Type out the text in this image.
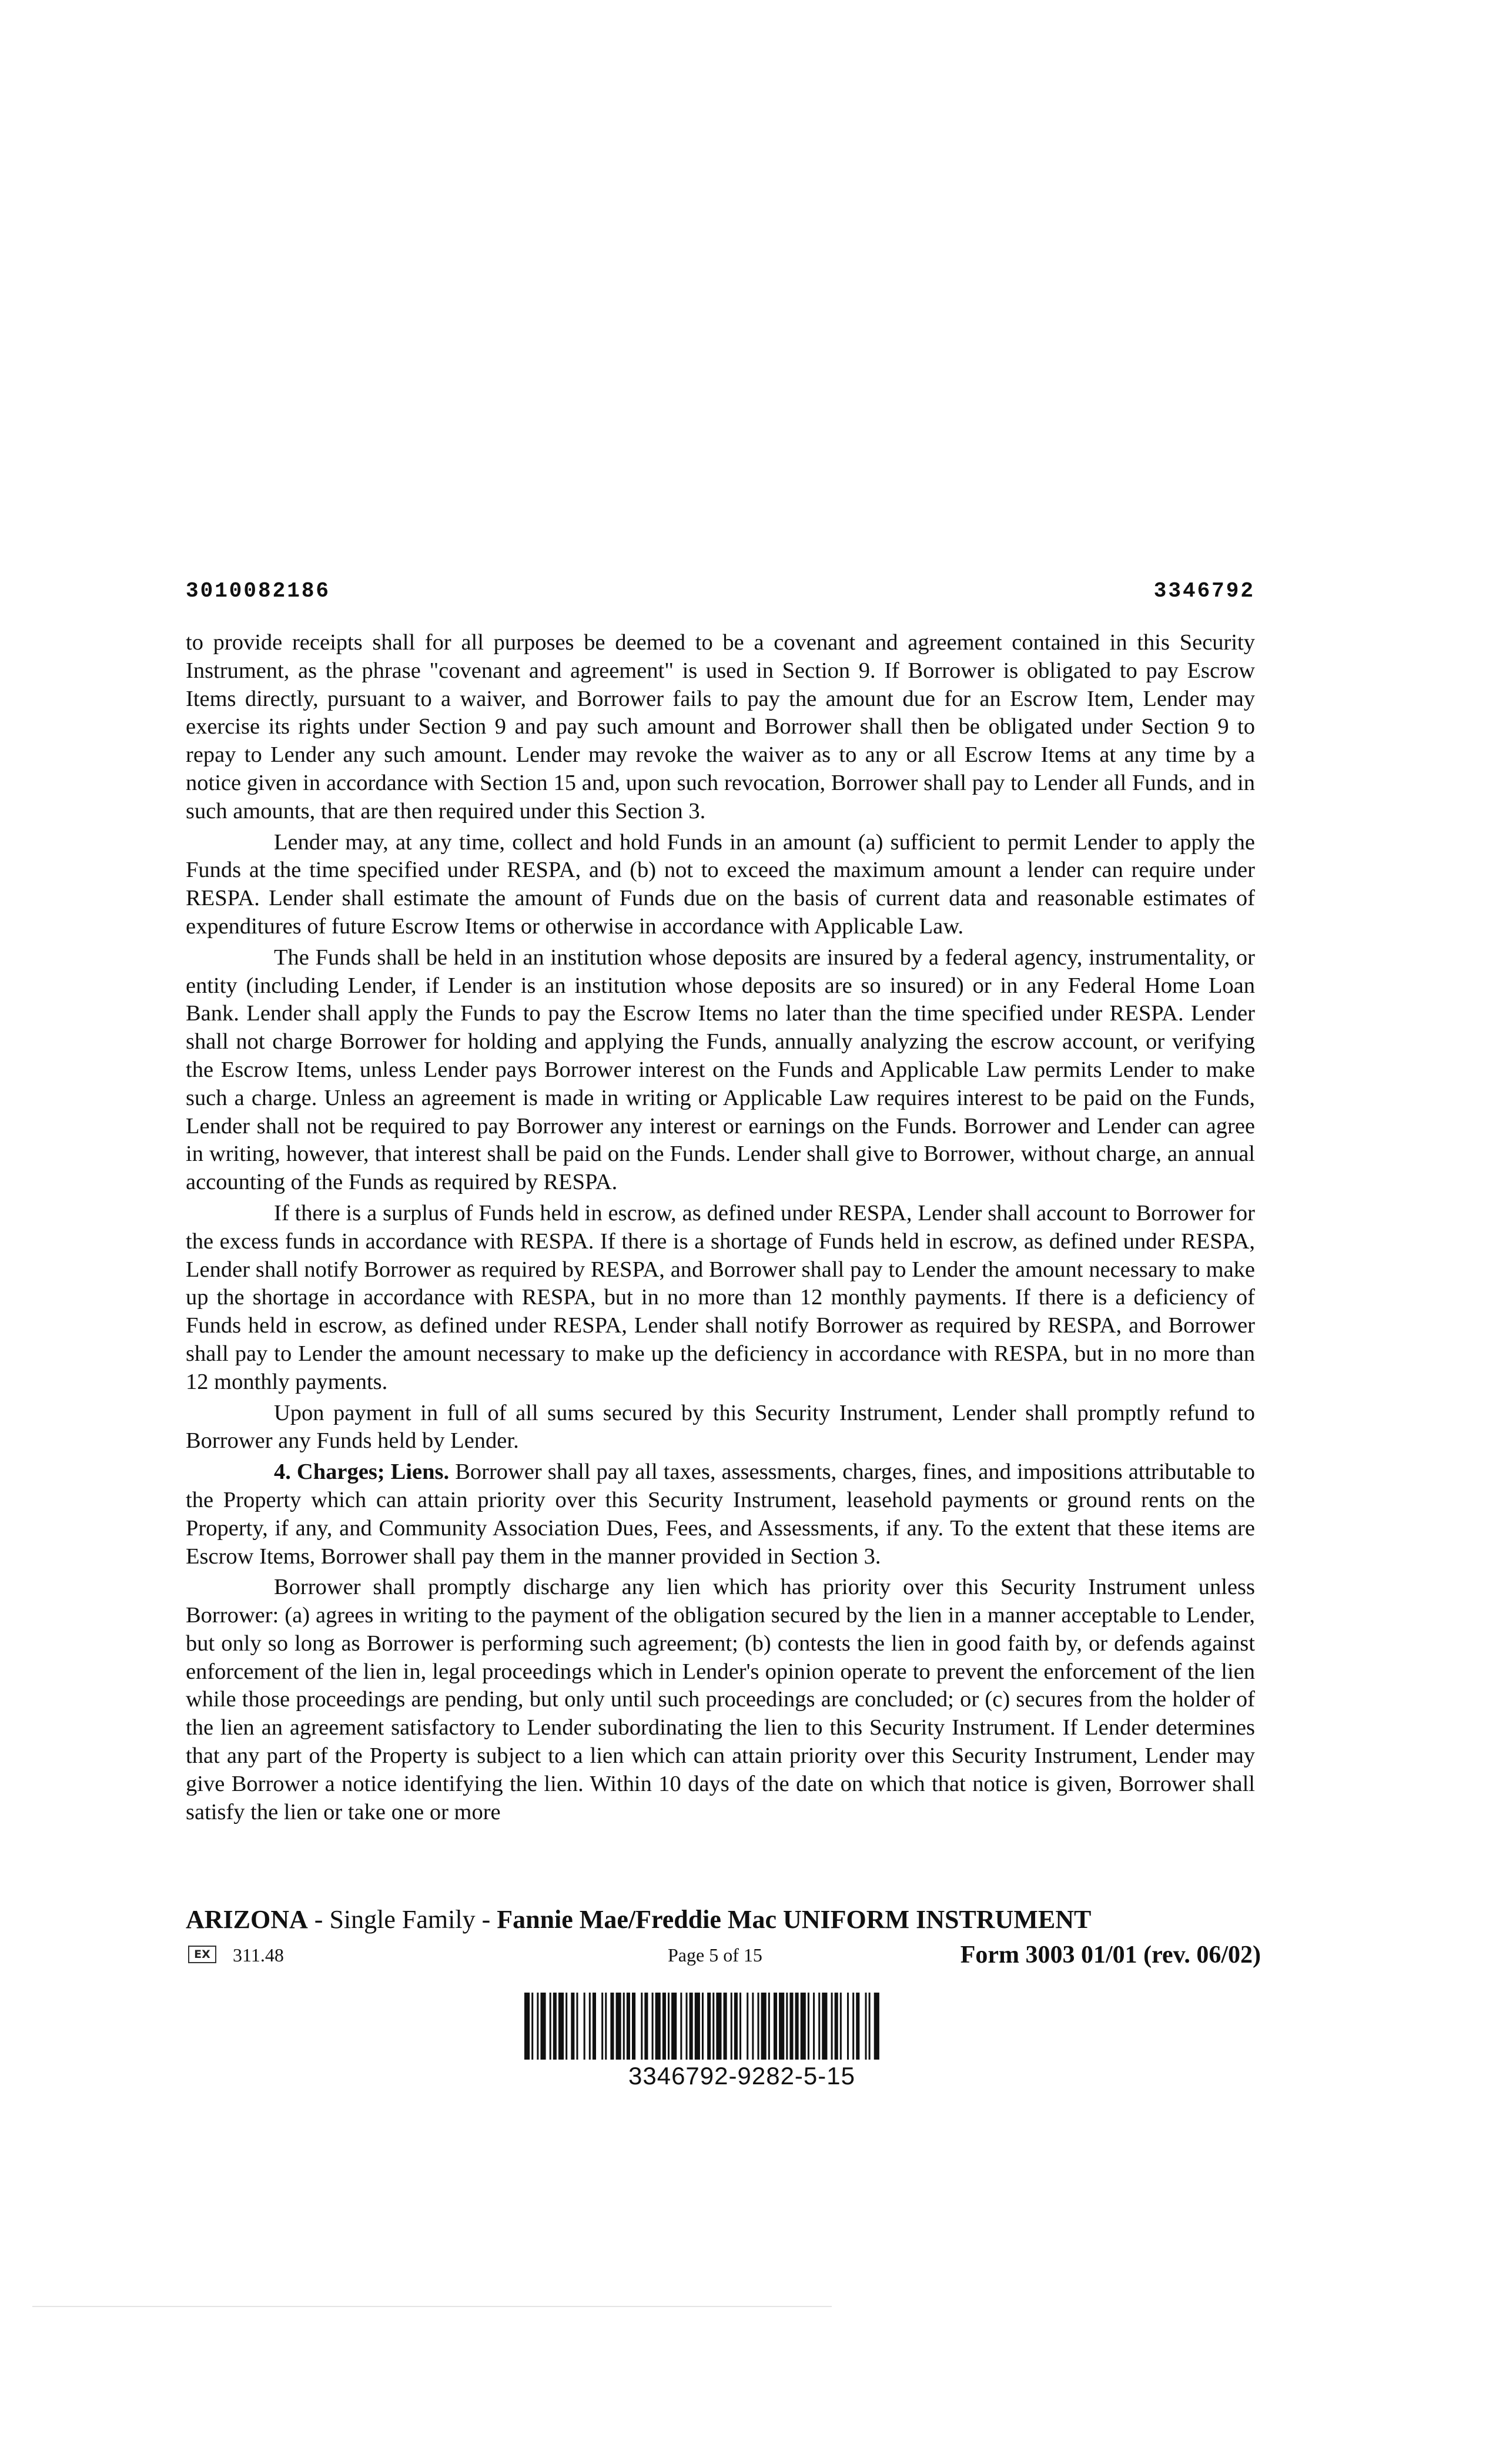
3010082186	3346792

to provide receipts shall for all purposes be deemed to be a covenant and agreement contained in this Security Instrument, as the phrase "covenant and agreement" is used in Section 9. If Borrower is obligated to pay Escrow Items directly, pursuant to a waiver, and Borrower fails to pay the amount due for an Escrow Item, Lender may exercise its rights under Section 9 and pay such amount and Borrower shall then be obligated under Section 9 to repay to Lender any such amount. Lender may revoke the waiver as to any or all Escrow Items at any time by a notice given in accordance with Section 15 and, upon such revocation, Borrower shall pay to Lender all Funds, and in such amounts, that are then required under this Section 3.

Lender may, at any time, collect and hold Funds in an amount (a) sufficient to permit Lender to apply the Funds at the time specified under RESPA, and (b) not to exceed the maximum amount a lender can require under RESPA. Lender shall estimate the amount of Funds due on the basis of current data and reasonable estimates of expenditures of future Escrow Items or otherwise in accordance with Applicable Law.

The Funds shall be held in an institution whose deposits are insured by a federal agency, instrumentality, or entity (including Lender, if Lender is an institution whose deposits are so insured) or in any Federal Home Loan Bank. Lender shall apply the Funds to pay the Escrow Items no later than the time specified under RESPA. Lender shall not charge Borrower for holding and applying the Funds, annually analyzing the escrow account, or verifying the Escrow Items, unless Lender pays Borrower interest on the Funds and Applicable Law permits Lender to make such a charge. Unless an agreement is made in writing or Applicable Law requires interest to be paid on the Funds, Lender shall not be required to pay Borrower any interest or earnings on the Funds. Borrower and Lender can agree in writing, however, that interest shall be paid on the Funds. Lender shall give to Borrower, without charge, an annual accounting of the Funds as required by RESPA.

If there is a surplus of Funds held in escrow, as defined under RESPA, Lender shall account to Borrower for the excess funds in accordance with RESPA. If there is a shortage of Funds held in escrow, as defined under RESPA, Lender shall notify Borrower as required by RESPA, and Borrower shall pay to Lender the amount necessary to make up the shortage in accordance with RESPA, but in no more than 12 monthly payments. If there is a deficiency of Funds held in escrow, as defined under RESPA, Lender shall notify Borrower as required by RESPA, and Borrower shall pay to Lender the amount necessary to make up the deficiency in accordance with RESPA, but in no more than 12 monthly payments.

Upon payment in full of all sums secured by this Security Instrument, Lender shall promptly refund to Borrower any Funds held by Lender.

4. Charges; Liens. Borrower shall pay all taxes, assessments, charges, fines, and impositions attributable to the Property which can attain priority over this Security Instrument, leasehold payments or ground rents on the Property, if any, and Community Association Dues, Fees, and Assessments, if any. To the extent that these items are Escrow Items, Borrower shall pay them in the manner provided in Section 3.

Borrower shall promptly discharge any lien which has priority over this Security Instrument unless Borrower: (a) agrees in writing to the payment of the obligation secured by the lien in a manner acceptable to Lender, but only so long as Borrower is performing such agreement; (b) contests the lien in good faith by, or defends against enforcement of the lien in, legal proceedings which in Lender's opinion operate to prevent the enforcement of the lien while those proceedings are pending, but only until such proceedings are concluded; or (c) secures from the holder of the lien an agreement satisfactory to Lender subordinating the lien to this Security Instrument. If Lender determines that any part of the Property is subject to a lien which can attain priority over this Security Instrument, Lender may give Borrower a notice identifying the lien. Within 10 days of the date on which that notice is given, Borrower shall satisfy the lien or take one or more

ARIZONA - Single Family - Fannie Mae/Freddie Mac UNIFORM INSTRUMENT
EX	311.48	Page 5 of 15	Form 3003 01/01 (rev. 06/02)
3346792-9282-5-15
